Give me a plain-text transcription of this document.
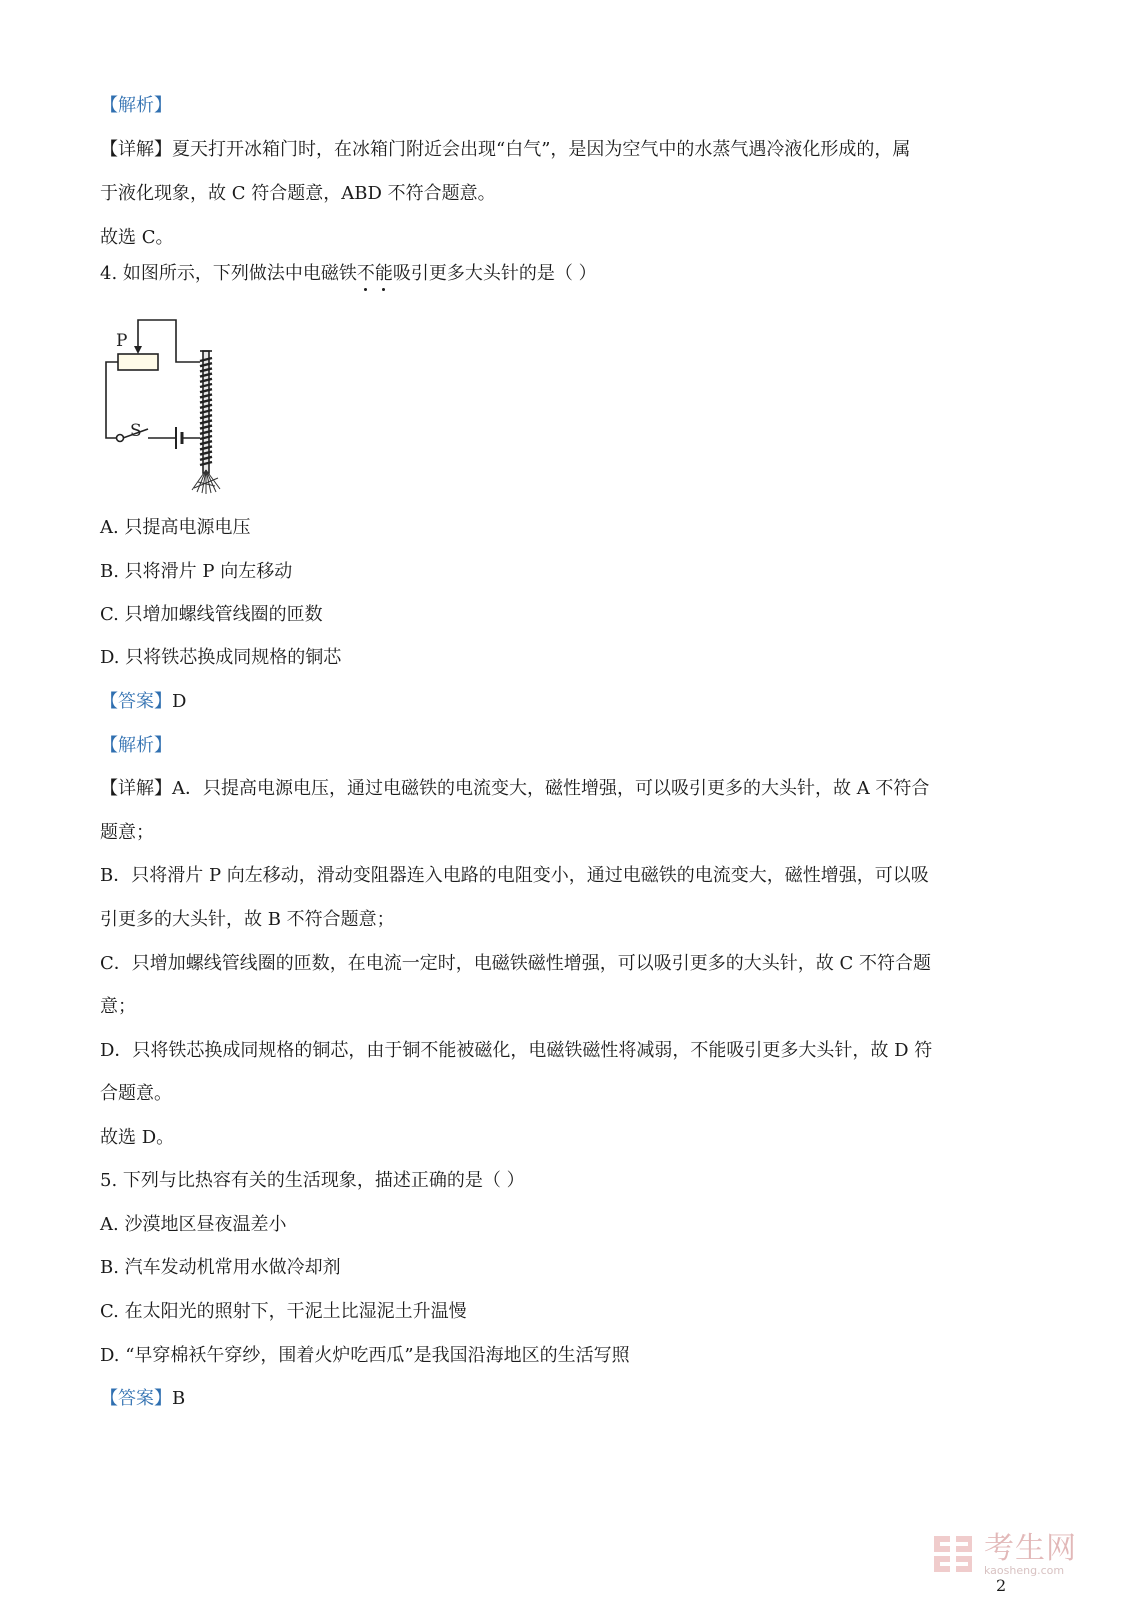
【解析】
【详解】夏天打开冰箱门时，在冰箱门附近会出现“白气”，是因为空气中的水蒸气遇冷液化形成的，属
于液化现象，故 C 符合题意，ABD 不符合题意。
故选 C。
4. 如图所示，下列做法中电磁铁不能吸引更多大头针的是（ ）
P
S
A. 只提高电源电压
B. 只将滑片 P 向左移动
C. 只增加螺线管线圈的匝数
D. 只将铁芯换成同规格的铜芯
【答案】D
【解析】
【详解】A．只提高电源电压，通过电磁铁的电流变大，磁性增强，可以吸引更多的大头针，故 A 不符合
题意；
B．只将滑片 P 向左移动，滑动变阻器连入电路的电阻变小，通过电磁铁的电流变大，磁性增强，可以吸
引更多的大头针，故 B 不符合题意；
C．只增加螺线管线圈的匝数，在电流一定时，电磁铁磁性增强，可以吸引更多的大头针，故 C 不符合题
意；
D．只将铁芯换成同规格的铜芯，由于铜不能被磁化，电磁铁磁性将减弱，不能吸引更多大头针，故 D 符
合题意。
故选 D。
5. 下列与比热容有关的生活现象，描述正确的是（ ）
A. 沙漠地区昼夜温差小
B. 汽车发动机常用水做冷却剂
C. 在太阳光的照射下，干泥土比湿泥土升温慢
D. “早穿棉袄午穿纱，围着火炉吃西瓜”是我国沿海地区的生活写照
【答案】B
考生网
kaosheng.com
2
